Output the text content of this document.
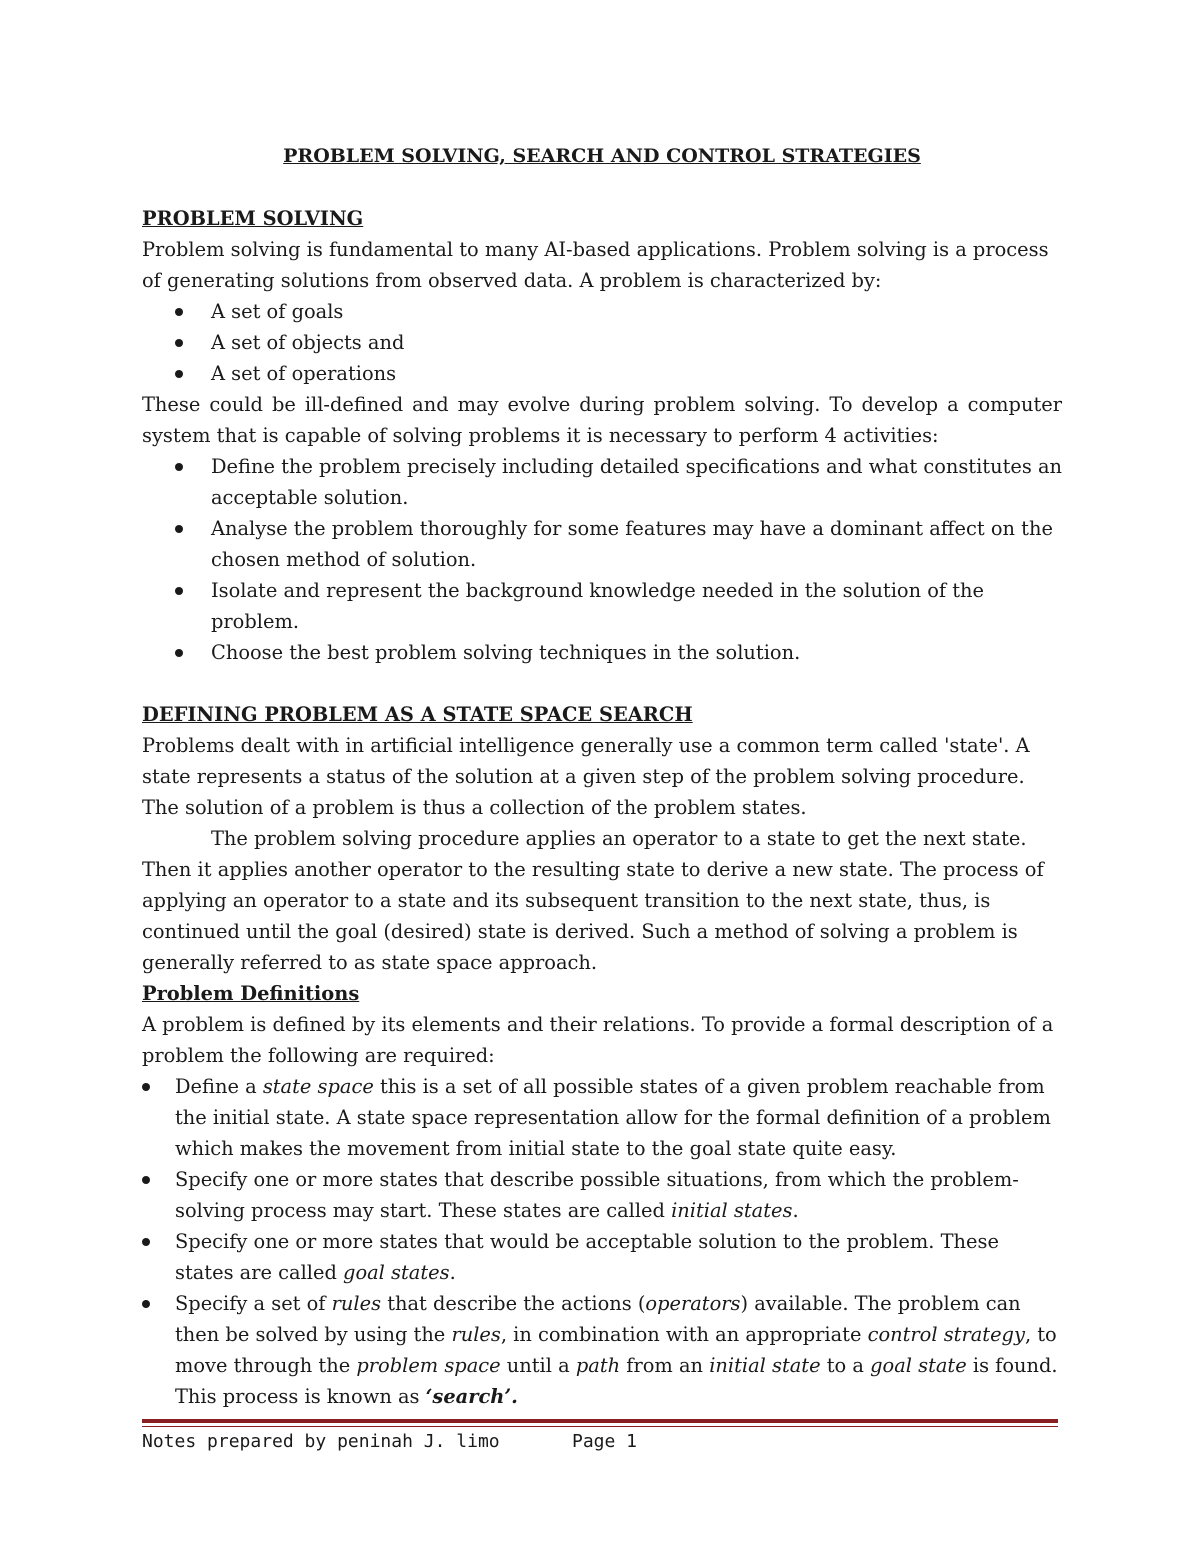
PROBLEM SOLVING, SEARCH AND CONTROL STRATEGIES

PROBLEM SOLVING

Problem solving is fundamental to many AI-based applications. Problem solving is a process of generating solutions from observed data. A problem is characterized by:

A set of goals
A set of objects and
A set of operations

These could be ill-defined and may evolve during problem solving. To develop a computer system that is capable of solving problems it is necessary to perform 4 activities:

Define the problem precisely including detailed specifications and what constitutes an acceptable solution.
Analyse the problem thoroughly for some features may have a dominant affect on the chosen method of solution.
Isolate and represent the background knowledge needed in the solution of the problem.
Choose the best problem solving techniques in the solution.

DEFINING PROBLEM AS A STATE SPACE SEARCH

Problems dealt with in artificial intelligence generally use a common term called 'state'. A state represents a status of the solution at a given step of the problem solving procedure. The solution of a problem is thus a collection of the problem states.

The problem solving procedure applies an operator to a state to get the next state. Then it applies another operator to the resulting state to derive a new state. The process of applying an operator to a state and its subsequent transition to the next state, thus, is continued until the goal (desired) state is derived. Such a method of solving a problem is generally referred to as state space approach.

Problem Definitions

A problem is defined by its elements and their relations. To provide a formal description of a problem the following are required:

Define a state space this is a set of all possible states of a given problem reachable from the initial state. A state space representation allow for the formal definition of a problem which makes the movement from initial state to the goal state quite easy.
Specify one or more states that describe possible situations, from which the problem-solving process may start. These states are called initial states.
Specify one or more states that would be acceptable solution to the problem. These states are called goal states.
Specify a set of rules that describe the actions (operators) available. The problem can then be solved by using the rules, in combination with an appropriate control strategy, to move through the problem space until a path from an initial state to a goal state is found. This process is known as ‘search’.
Notes prepared by peninah J. limo	Page 1
